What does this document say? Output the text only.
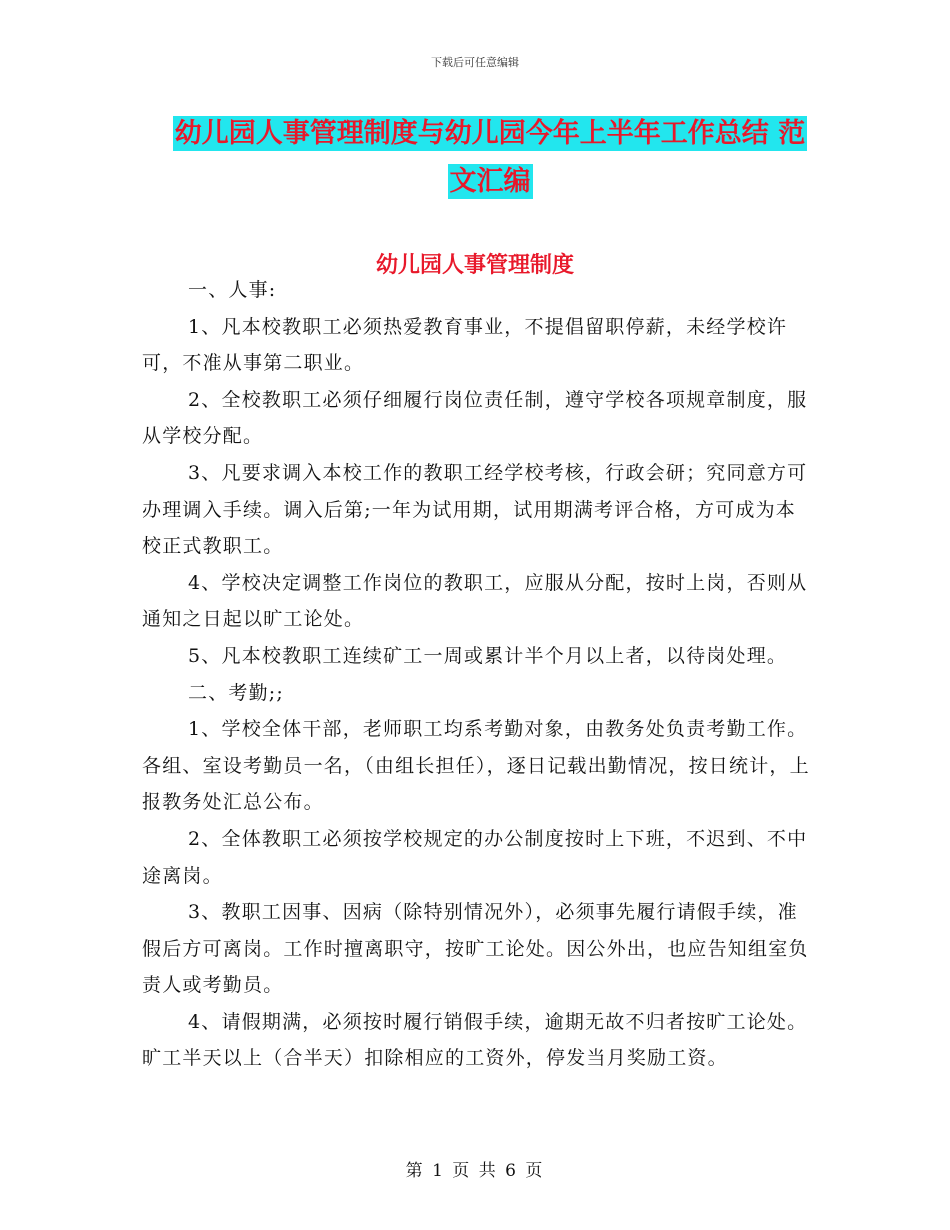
下载后可任意编辑
幼儿园人事管理制度与幼儿园今年上半年工作总结 范
文汇编
幼儿园人事管理制度

一、人事:

1、凡本校教职工必须热爱教育事业，不提倡留职停薪，未经学校许可，不准从事第二职业。

2、全校教职工必须仔细履行岗位责任制，遵守学校各项规章制度，服从学校分配。

3、凡要求调入本校工作的教职工经学校考核，行政会研；究同意方可办理调入手续。调入后第;一年为试用期，试用期满考评合格，方可成为本校正式教职工。

4、学校决定调整工作岗位的教职工，应服从分配，按时上岗，否则从通知之日起以旷工论处。

5、凡本校教职工连续矿工一周或累计半个月以上者，以待岗处理。

二、考勤;;

1、学校全体干部，老师职工均系考勤对象，由教务处负责考勤工作。各组、室设考勤员一名，（由组长担任），逐日记载出勤情况，按日统计，上报教务处汇总公布。

2、全体教职工必须按学校规定的办公制度按时上下班，不迟到、不中途离岗。

3、教职工因事、因病（除特别情况外），必须事先履行请假手续，准假后方可离岗。工作时擅离职守，按旷工论处。因公外出，也应告知组室负责人或考勤员。

4、请假期满，必须按时履行销假手续，逾期无故不归者按旷工论处。旷工半天以上（合半天）扣除相应的工资外，停发当月奖励工资。

第 1 页 共 6 页
